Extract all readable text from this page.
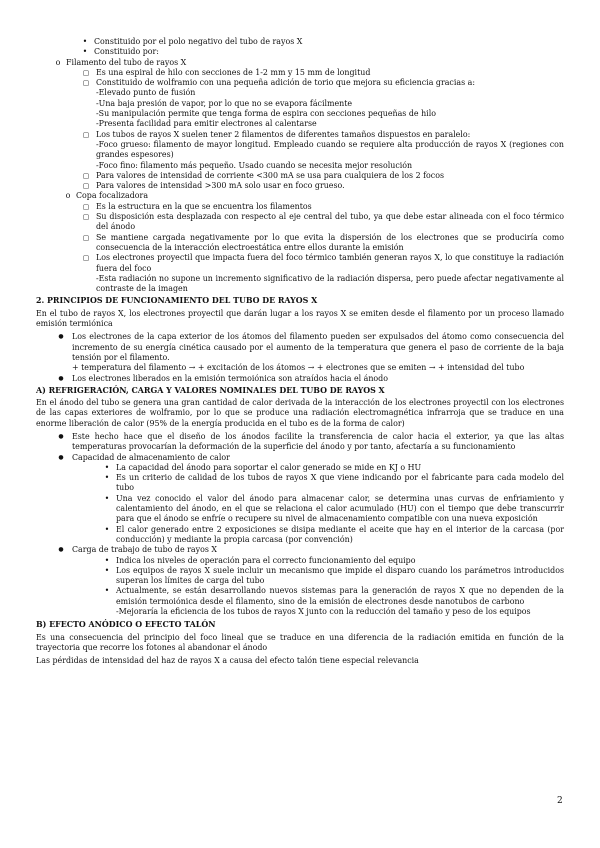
• Constituido por el polo negativo del tubo de rayos X
• Constituido por:
o Filamento del tubo de rayos X
▢ Es una espiral de hilo con secciones de 1-2 mm y 15 mm de longitud
▢ Constituido de wolframio con una pequeña adición de torio que mejora su eficiencia gracias a:
-Elevado punto de fusión
-Una baja presión de vapor, por lo que no se evapora fácilmente
-Su manipulación permite que tenga forma de espira con secciones pequeñas de hilo
-Presenta facilidad para emitir electrones al calentarse
▢ Los tubos de rayos X suelen tener 2 filamentos de diferentes tamaños dispuestos en paralelo:
-Foco grueso: filamento de mayor longitud. Empleado cuando se requiere alta producción de rayos X (regiones con grandes espesores)
-Foco fino: filamento más pequeño. Usado cuando se necesita mejor resolución
▢ Para valores de intensidad de corriente <300 mA se usa para cualquiera de los 2 focos
▢ Para valores de intensidad >300 mA solo usar en foco grueso.
o Copa focalizadora
▢ Es la estructura en la que se encuentra los filamentos
▢ Su disposición esta desplazada con respecto al eje central del tubo, ya que debe estar alineada con el foco térmico del ánodo
▢ Se mantiene cargada negativamente por lo que evita la dispersión de los electrones que se produciría como consecuencia de la interacción electroestática entre ellos durante la emisión
▢ Los electrones proyectil que impacta fuera del foco térmico también generan rayos X, lo que constituye la radiación fuera del foco
-Esta radiación no supone un incremento significativo de la radiación dispersa, pero puede afectar negativamente al contraste de la imagen
2. PRINCIPIOS DE FUNCIONAMIENTO DEL TUBO DE RAYOS X
En el tubo de rayos X, los electrones proyectil que darán lugar a los rayos X se emiten desde el filamento por un proceso llamado emisión termiónica
●	Los electrones de la capa exterior de los átomos del filamento pueden ser expulsados del átomo como consecuencia del incremento de su energía cinética causado por el aumento de la temperatura que genera el paso de corriente de la baja tensión por el filamento.
+ temperatura del filamento → + excitación de los átomos → + electrones que se emiten → + intensidad del tubo
●	Los electrones liberados en la emisión termoiónica son atraídos hacia el ánodo
A) REFRIGERACIÓN, CARGA Y VALORES NOMINALES DEL TUBO DE RAYOS X
En el ánodo del tubo se genera una gran cantidad de calor derivada de la interacción de los electrones proyectil con los electrones de las capas exteriores de wolframio, por lo que se produce una radiación electromagnética infrarroja que se traduce en una enorme liberación de calor (95% de la energía producida en el tubo es de la forma de calor)
●	Este hecho hace que el diseño de los ánodos facilite la transferencia de calor hacia el exterior, ya que las altas temperaturas provocarían la deformación de la superficie del ánodo y por tanto, afectaría a su funcionamiento
●	Capacidad de almacenamiento de calor
• La capacidad del ánodo para soportar el calor generado se mide en KJ o HU
• Es un criterio de calidad de los tubos de rayos X que viene indicando por el fabricante para cada modelo del tubo
• Una vez conocido el valor del ánodo para almacenar calor, se determina unas curvas de enfriamiento y calentamiento del ánodo, en el que se relaciona el calor acumulado (HU) con el tiempo que debe transcurrir para que el ánodo se enfríe o recupere su nivel de almacenamiento compatible con una nueva exposición
• El calor generado entre 2 exposiciones se disipa mediante el aceite que hay en el interior de la carcasa (por conducción) y mediante la propia carcasa (por convención)
●	Carga de trabajo de tubo de rayos X
• Indica los niveles de operación para el correcto funcionamiento del equipo
• Los equipos de rayos X suele incluir un mecanismo que impide el disparo cuando los parámetros introducidos superan los límites de carga del tubo
• Actualmente, se están desarrollando nuevos sistemas para la generación de rayos X que no dependen de la emisión termoiónica desde el filamento, sino de la emisión de electrones desde nanotubos de carbono
-Mejoraría la eficiencia de los tubos de rayos X junto con la reducción del tamaño y peso de los equipos
B) EFECTO ANÓDICO O EFECTO TALÓN
Es una consecuencia del principio del foco lineal que se traduce en una diferencia de la radiación emitida en función de la trayectoria que recorre los fotones al abandonar el ánodo
Las pérdidas de intensidad del haz de rayos X a causa del efecto talón tiene especial relevancia
2
